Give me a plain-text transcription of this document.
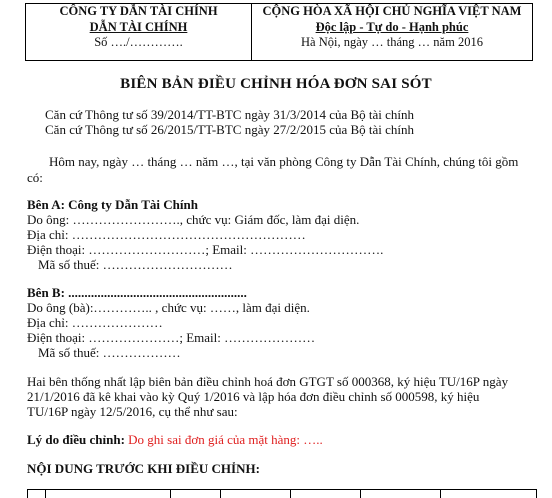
CÔNG TY DẪN TÀI CHÍNH
DẪN TÀI CHÍNH
Số …./………….

CỘNG HÒA XÃ HỘI CHỦ NGHĨA VIỆT NAM
Độc lập - Tự do - Hạnh phúc
Hà Nội, ngày … tháng … năm 2016
BIÊN BẢN ĐIỀU CHỈNH HÓA ĐƠN SAI SÓT
Căn cứ Thông tư số 39/2014/TT-BTC ngày 31/3/2014 của Bộ tài chính
Căn cứ Thông tư số 26/2015/TT-BTC ngày 27/2/2015 của Bộ tài chính
Hôm nay, ngày … tháng … năm …, tại văn phòng Công ty Dẫn Tài Chính, chúng tôi gồm
có:
Bên A: Công ty Dẫn Tài Chính
Do ông: ……………………., chức vụ: Giám đốc, làm đại diện.
Địa chỉ: ………………………………………………
Điện thoại: ………………………; Email: ………………………….
Mã số thuế: …………………………
Bên B: .......................................................
Do ông (bà):………….. , chức vụ: ……, làm đại diện.
Địa chỉ: …………………
Điện thoại: …………………; Email: …………………
Mã số thuế: ………………
Hai bên thống nhất lập biên bản điều chỉnh hoá đơn GTGT số 000368, ký hiệu TU/16P ngày
21/1/2016 đã kê khai vào kỳ Quý 1/2016 và lập hóa đơn điều chỉnh số 000598, ký hiệu
TU/16P ngày 12/5/2016, cụ thể như sau:
Lý do điều chỉnh: Do ghi sai đơn giá của mặt hàng: …..
NỘI DUNG TRƯỚC KHI ĐIỀU CHỈNH:
